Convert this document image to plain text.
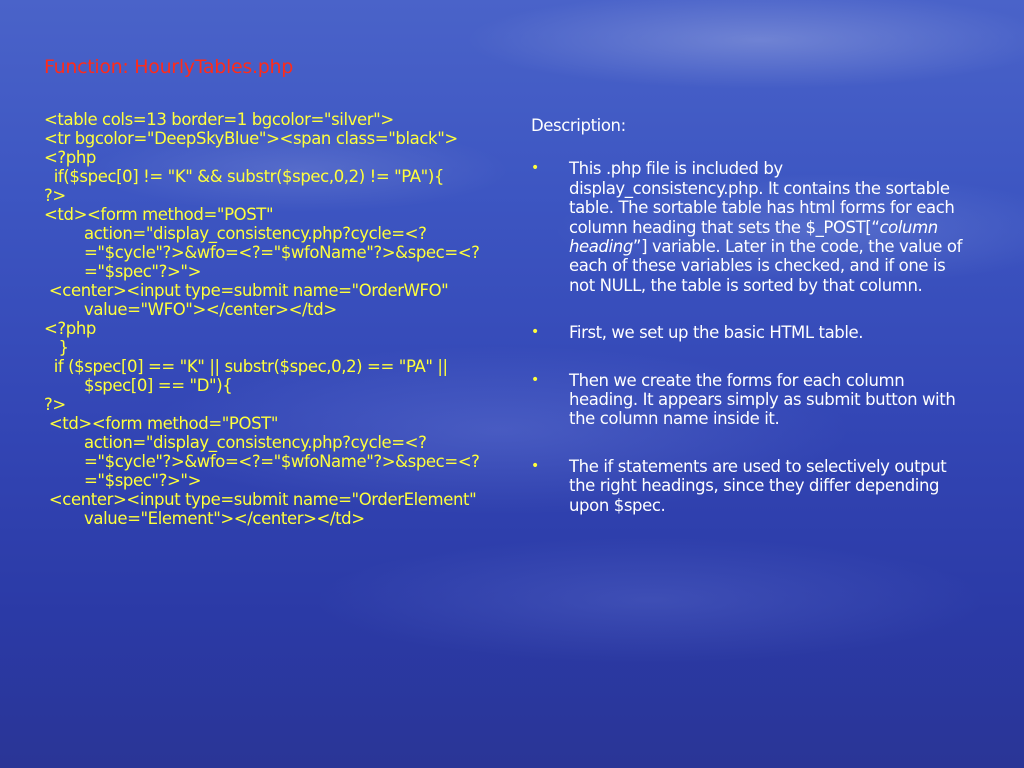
Function: HourlyTables.php

<table cols=13 border=1 bgcolor="silver">

<tr bgcolor="DeepSkyBlue"><span class="black">

<?php

if($spec[0] != "K" && substr($spec,0,2) != "PA"){

?>

<td><form method="POST" action="display_consistency.php?cycle=<?="$cycle"?>&wfo=<?="$wfoName"?>&spec=<?="$spec"?>">

<center><input type=submit name="OrderWFO" value="WFO"></center></td>

<?php

}

if ($spec[0] == "K" || substr($spec,0,2) == "PA" || $spec[0] == "D"){

?>

<td><form method="POST" action="display_consistency.php?cycle=<?="$cycle"?>&wfo=<?="$wfoName"?>&spec=<?="$spec"?>">

<center><input type=submit name="OrderElement" value="Element"></center></td>

Description:

• This .php file is included by display_consistency.php. It contains the sortable table. The sortable table has html forms for each column heading that sets the $_POST[“column heading”] variable. Later in the code, the value of each of these variables is checked, and if one is not NULL, the table is sorted by that column.
• First, we set up the basic HTML table.
• Then we create the forms for each column heading. It appears simply as submit button with the column name inside it.
• The if statements are used to selectively output the right headings, since they differ depending upon $spec.
